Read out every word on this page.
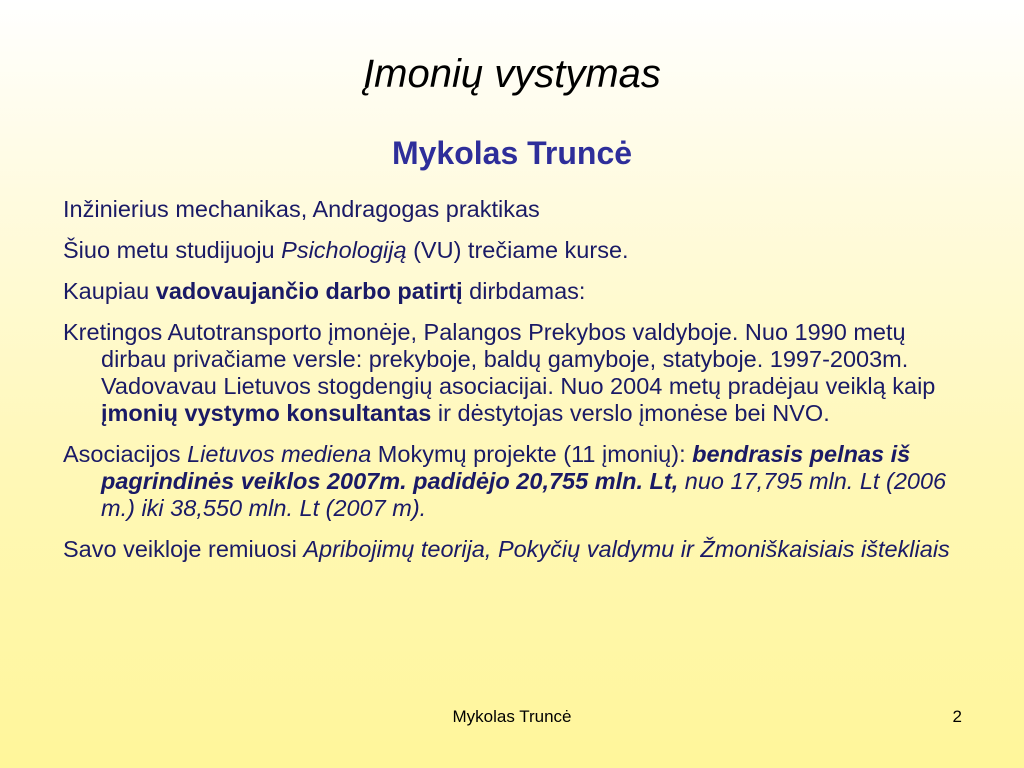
Įmonių vystymas
Mykolas Truncė

Inžinierius mechanikas, Andragogas praktikas

Šiuo metu studijuoju Psichologiją (VU) trečiame kurse.

Kaupiau vadovaujančio darbo patirtį dirbdamas:

Kretingos Autotransporto įmonėje, Palangos Prekybos valdyboje. Nuo 1990 metų dirbau privačiame versle: prekyboje, baldų gamyboje, statyboje. 1997-2003m. Vadovavau Lietuvos stogdengių asociacijai. Nuo 2004 metų pradėjau veiklą kaip įmonių vystymo konsultantas ir dėstytojas verslo įmonėse bei NVO.

Asociacijos Lietuvos mediena Mokymų projekte (11 įmonių): bendrasis pelnas iš pagrindinės veiklos 2007m. padidėjo 20,755 mln. Lt, nuo 17,795 mln. Lt (2006 m.) iki 38,550 mln. Lt (2007 m).

Savo veikloje remiuosi Apribojimų teorija, Pokyčių valdymu ir Žmoniškaisiais ištekliais

Mykolas Truncė	2
